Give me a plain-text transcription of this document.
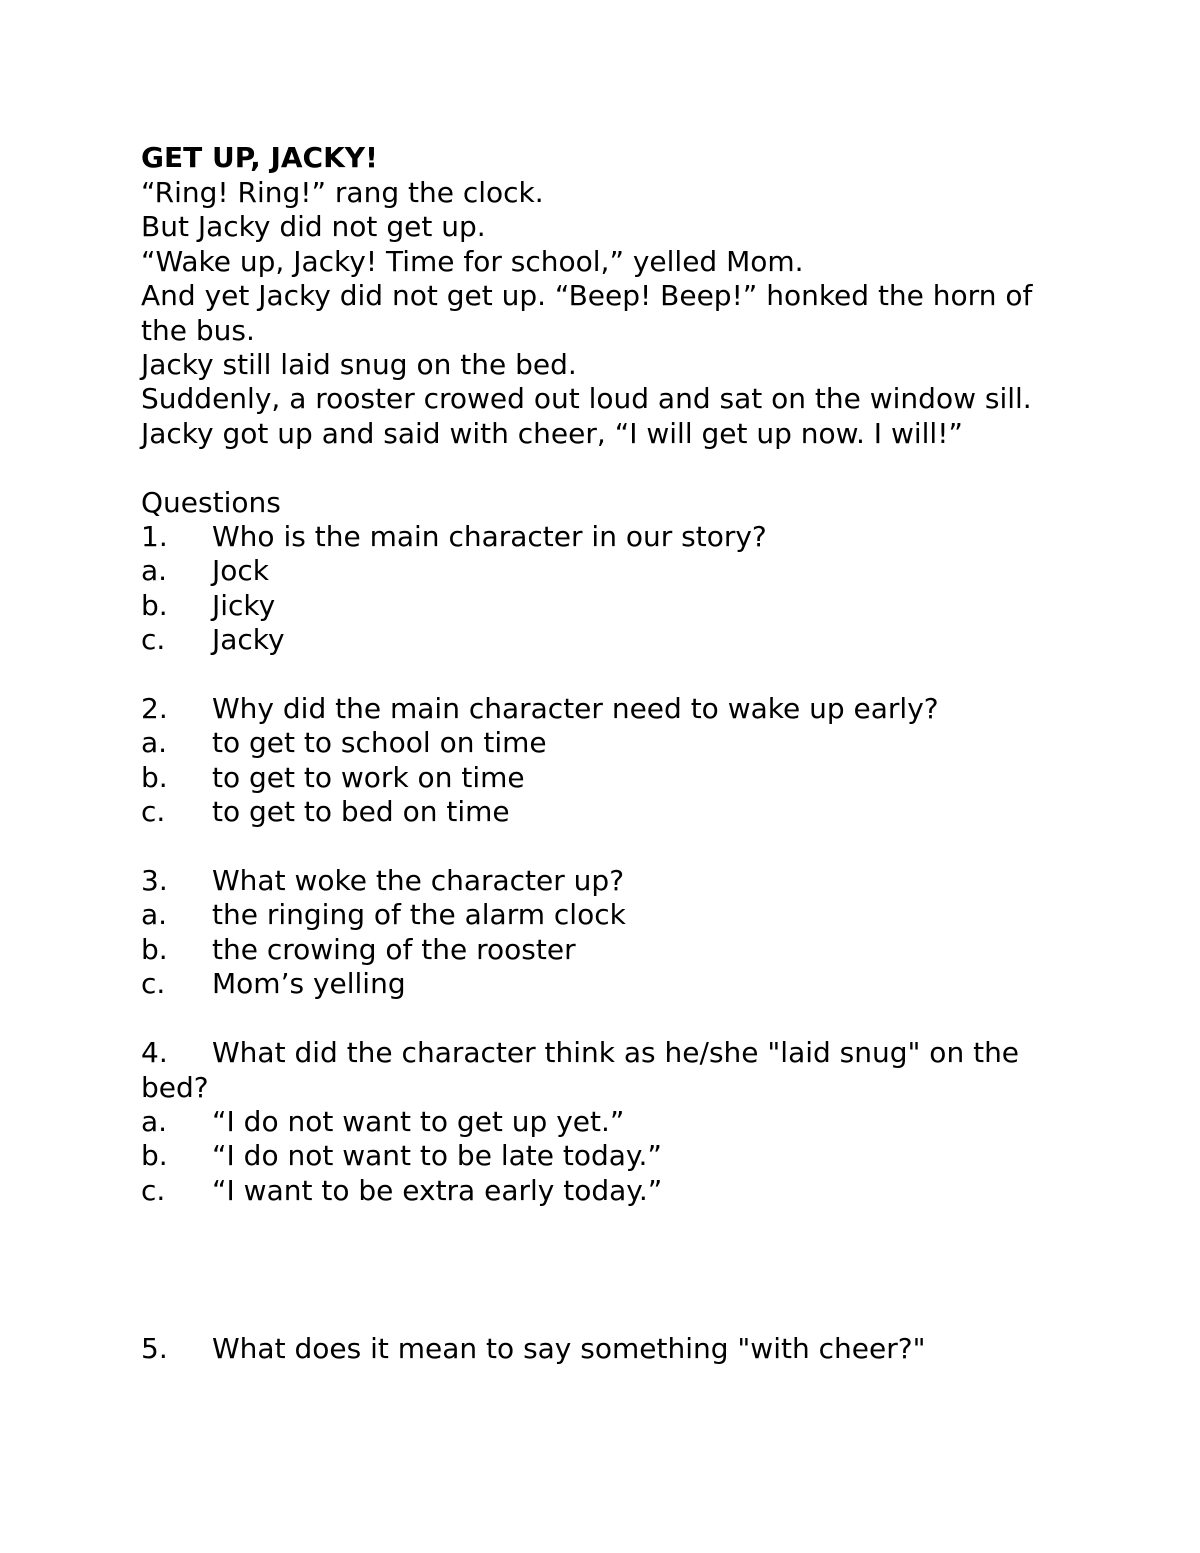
GET UP, JACKY!
“Ring! Ring!” rang the clock.
But Jacky did not get up.
“Wake up, Jacky! Time for school,” yelled Mom.
And yet Jacky did not get up. “Beep! Beep!” honked the horn of the bus.
Jacky still laid snug on the bed.
Suddenly, a rooster crowed out loud and sat on the window sill.
Jacky got up and said with cheer, “I will get up now. I will!”
Questions
1.	Who is the main character in our story?
a.	Jock
b.	Jicky
c.	Jacky
2.	Why did the main character need to wake up early?
a.	to get to school on time
b.	to get to work on time
c.	to get to bed on time
3.	What woke the character up?
a.	the ringing of the alarm clock
b.	the crowing of the rooster
c.	Mom’s yelling
4. What did the character think as he/she "laid snug" on the bed?
a.	“I do not want to get up yet.”
b.	“I do not want to be late today.”
c.	“I want to be extra early today.”
5.	What does it mean to say something "with cheer?"
